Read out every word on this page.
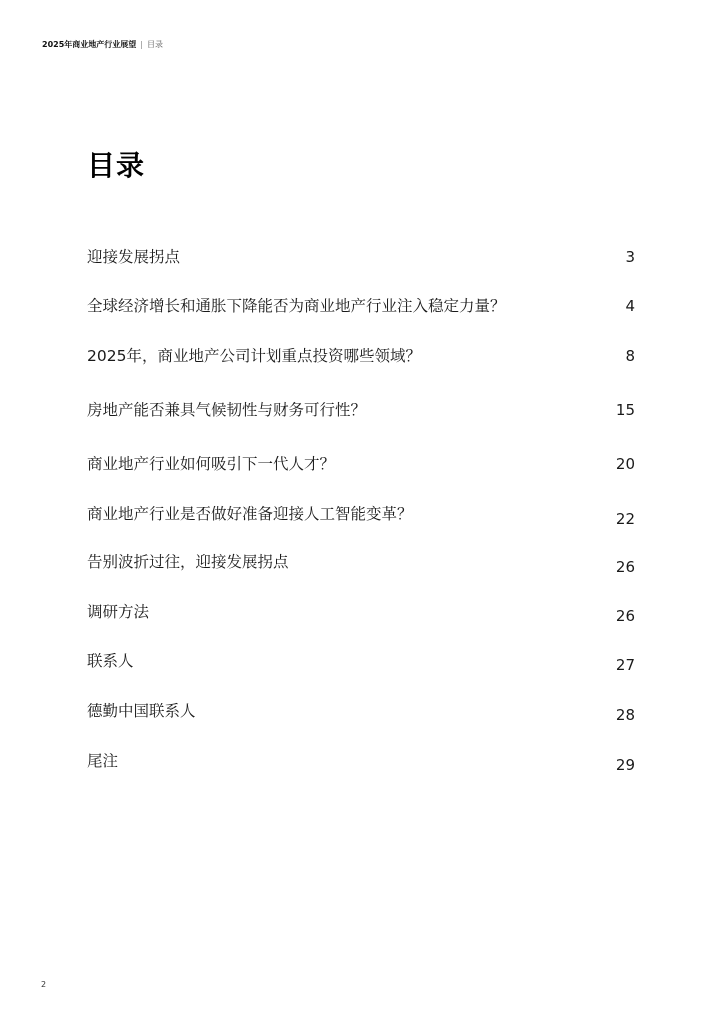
2025年商业地产行业展望 | 目录
目录
迎接发展拐点	3
全球经济增长和通胀下降能否为商业地产行业注入稳定力量？	4
2025年，商业地产公司计划重点投资哪些领域？	8
房地产能否兼具气候韧性与财务可行性？	15
商业地产行业如何吸引下一代人才？	20
商业地产行业是否做好准备迎接人工智能变革？	22
告别波折过往，迎接发展拐点	26
调研方法	26
联系人	27
德勤中国联系人	28
尾注	29
2
